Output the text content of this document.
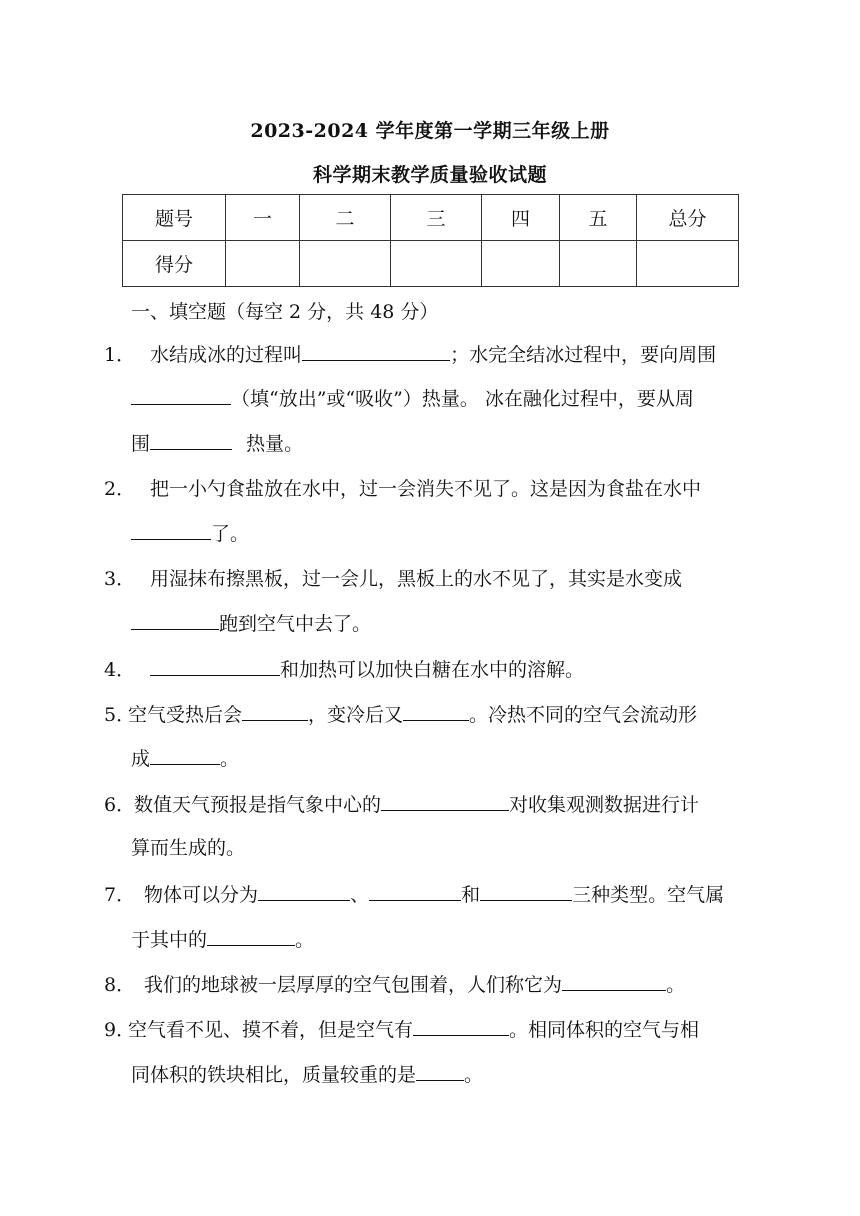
2023-2024 学年度第一学期三年级上册
科学期末教学质量验收试题
题号	一	二	三	四	五	总分
得分						
一、填空题（每空 2 分，共 48 分）
1． 水结成冰的过程叫	；水完全结冰过程中，要向周围
（填“放出”或“吸收”）热量。 冰在融化过程中，要从周
围	热量。
2． 把一小勺食盐放在水中，过一会消失不见了。这是因为食盐在水中
了。
3． 用湿抹布擦黑板，过一会儿，黑板上的水不见了，其实是水变成
跑到空气中去了。
4．	和加热可以加快白糖在水中的溶解。
5．空气受热后会	，变冷后又	。冷热不同的空气会流动形
成	。
6．数值天气预报是指气象中心的	对收集观测数据进行计
算而生成的。
7． 物体可以分为	、	和	三种类型。空气属
于其中的	。
8． 我们的地球被一层厚厚的空气包围着，人们称它为	。
9．空气看不见、摸不着，但是空气有	。相同体积的空气与相
同体积的铁块相比，质量较重的是	。
